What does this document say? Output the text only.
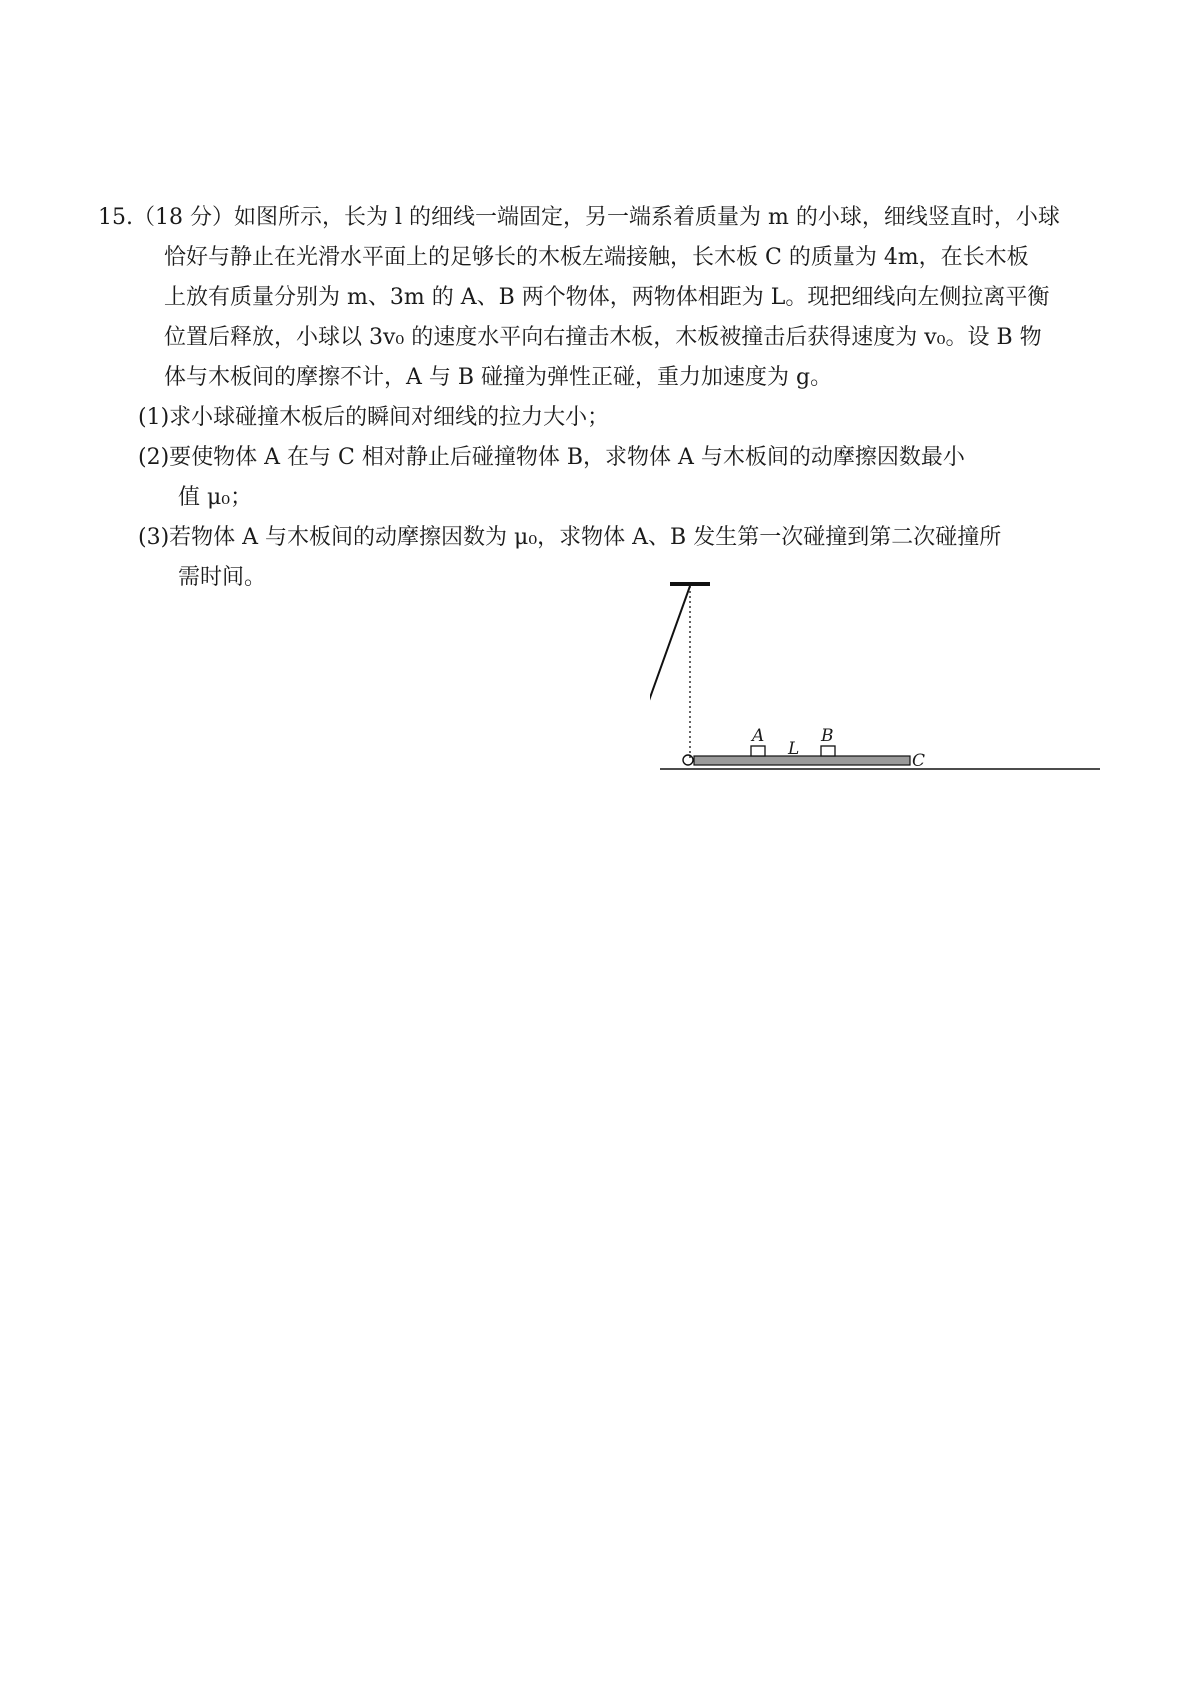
15.（18 分）如图所示，长为 l 的细线一端固定，另一端系着质量为 m 的小球，细线竖直时，小球
恰好与静止在光滑水平面上的足够长的木板左端接触，长木板 C 的质量为 4m，在长木板
上放有质量分别为 m、3m 的 A、B 两个物体，两物体相距为 L。现把细线向左侧拉离平衡
位置后释放，小球以 3v₀ 的速度水平向右撞击木板，木板被撞击后获得速度为 v₀。设 B 物
体与木板间的摩擦不计，A 与 B 碰撞为弹性正碰，重力加速度为 g。
(1)求小球碰撞木板后的瞬间对细线的拉力大小；
(2)要使物体 A 在与 C 相对静止后碰撞物体 B，求物体 A 与木板间的动摩擦因数最小
值 μ₀；
(3)若物体 A 与木板间的动摩擦因数为 μ₀，求物体 A、B 发生第一次碰撞到第二次碰撞所
需时间。
A
L
B
C
